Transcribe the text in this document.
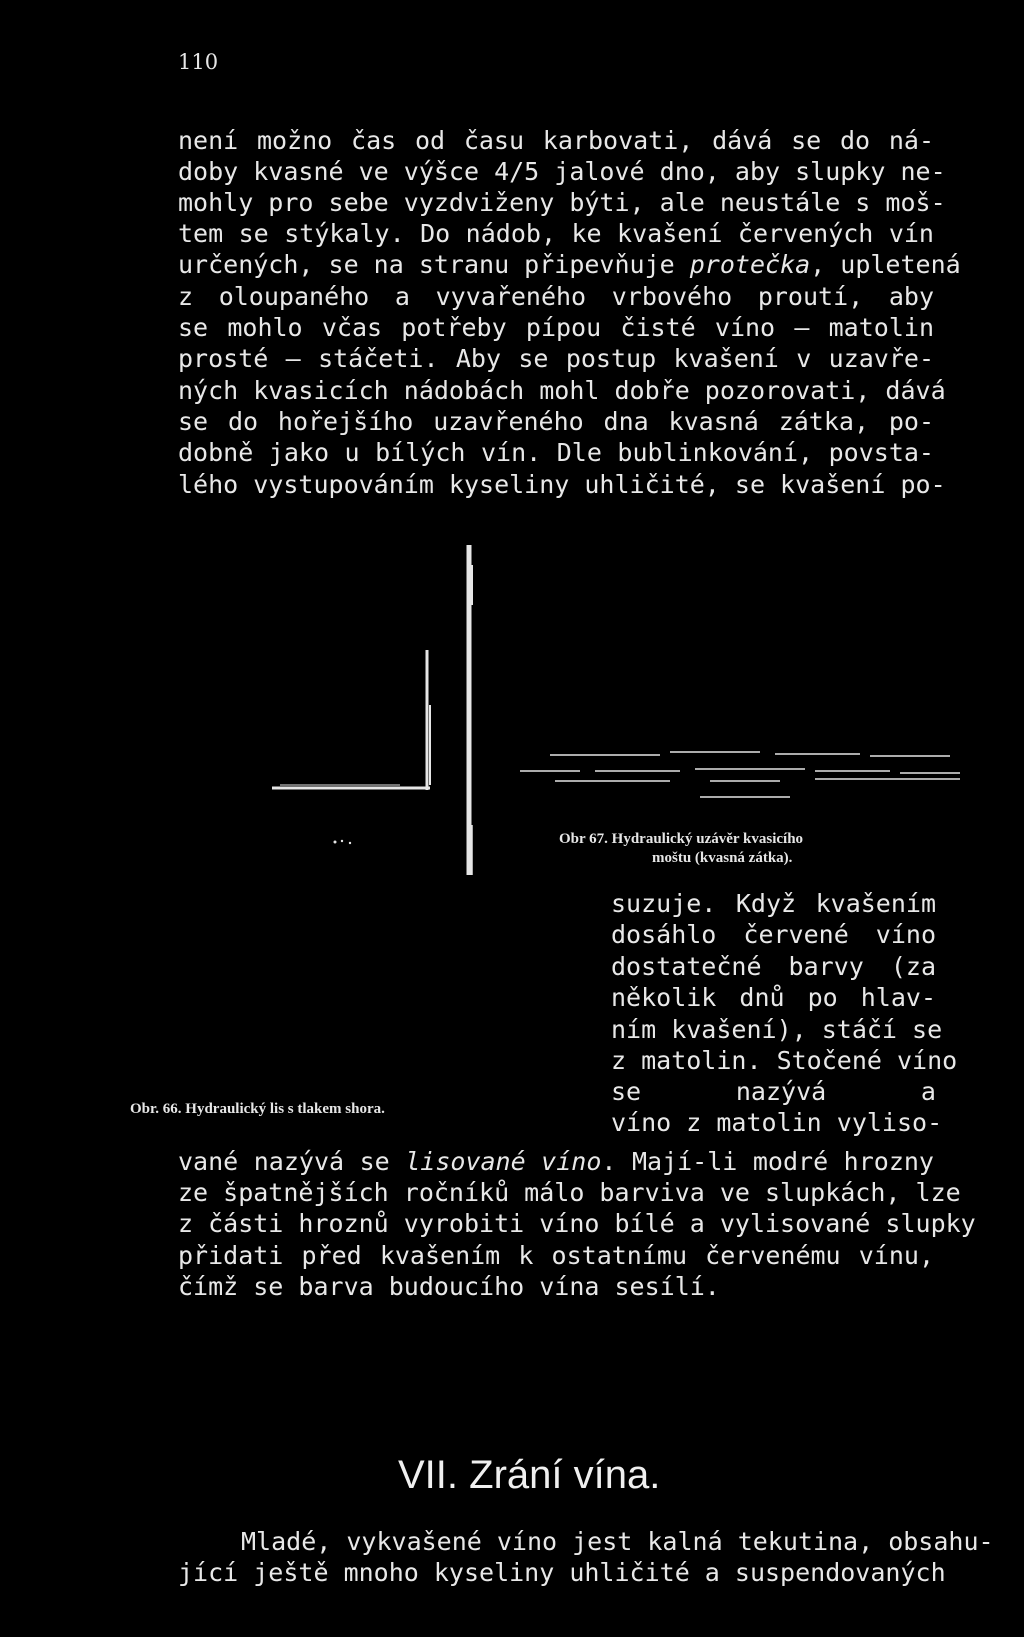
110
není možno čas od času karbovati, dává se do ná-
doby kvasné ve výšce 4/5 jalové dno, aby slupky ne-
mohly pro sebe vyzdviženy býti, ale neustále s moš-
tem se stýkaly. Do nádob, ke kvašení červených vín
určených, se na stranu připevňuje protečka, upletená
z oloupaného a vyvařeného vrbového proutí, aby
se mohlo včas potřeby pípou čisté víno — matolin
prosté — stáčeti. Aby se postup kvašení v uzavře-
ných kvasicích nádobách mohl dobře pozorovati, dává
se do hořejšího uzavřeného dna kvasná zátka, po-
dobně jako u bílých vín. Dle bublinkování, povsta-
lého vystupováním kyseliny uhličité, se kvašení po-
Obr 67. Hydraulický uzávěr kvasicího
moštu (kvasná zátka).
suzuje. Když kvašením
dosáhlo červené víno
dostatečné barvy (za
několik dnů po hlav-
ním kvašení), stáčí se
z matolin. Stočené víno
se nazývá a
víno z matolin vyliso-
Obr. 66. Hydraulický lis s tlakem shora.
vané nazývá se lisované víno. Mají-li modré hrozny
ze špatnějších ročníků málo barviva ve slupkách, lze
z části hroznů vyrobiti víno bílé a vylisované slupky
přidati před kvašením k ostatnímu červenému vínu,
čímž se barva budoucího vína sesílí.
VII. Zrání vína.
Mladé, vykvašené víno jest kalná tekutina, obsahu-
jící ještě mnoho kyseliny uhličité a suspendovaných
